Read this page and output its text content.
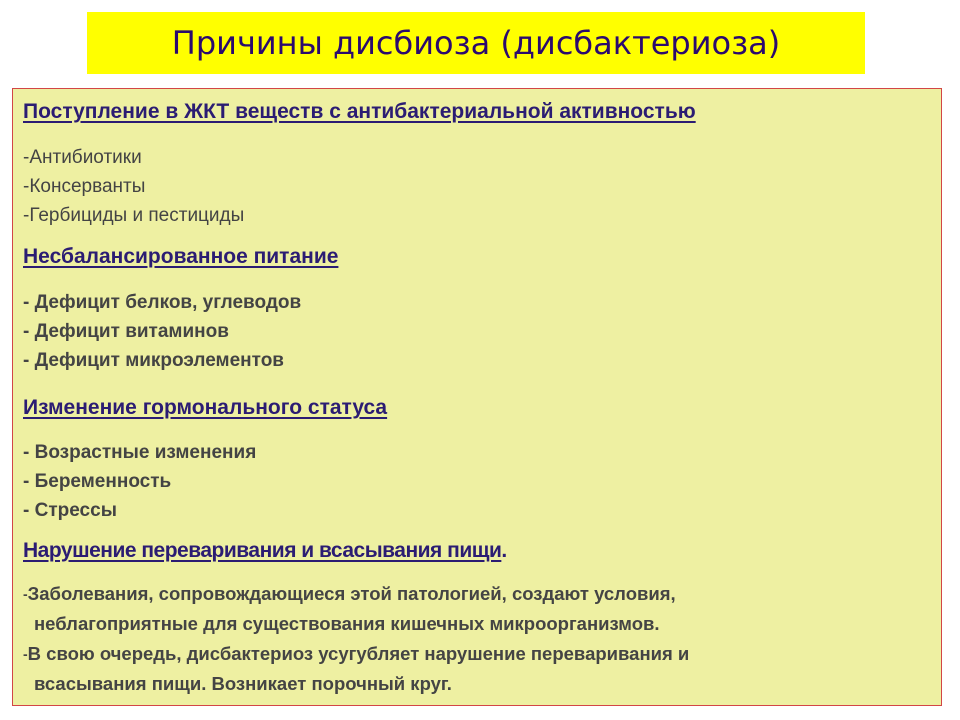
Причины дисбиоза (дисбактериоза)
Поступление в ЖКТ веществ с антибактериальной активностью
-Антибиотики
-Консерванты
-Гербициды и пестициды
Несбалансированное питание
- Дефицит белков, углеводов
- Дефицит витаминов
- Дефицит микроэлементов
Изменение гормонального статуса
- Возрастные изменения
- Беременность
- Стрессы
Нарушение переваривания и всасывания пищи.
-Заболевания, сопровождающиеся этой патологией, создают условия,
неблагоприятные для существования кишечных микроорганизмов.
-В свою очередь, дисбактериоз усугубляет нарушение переваривания и
всасывания пищи. Возникает порочный круг.
